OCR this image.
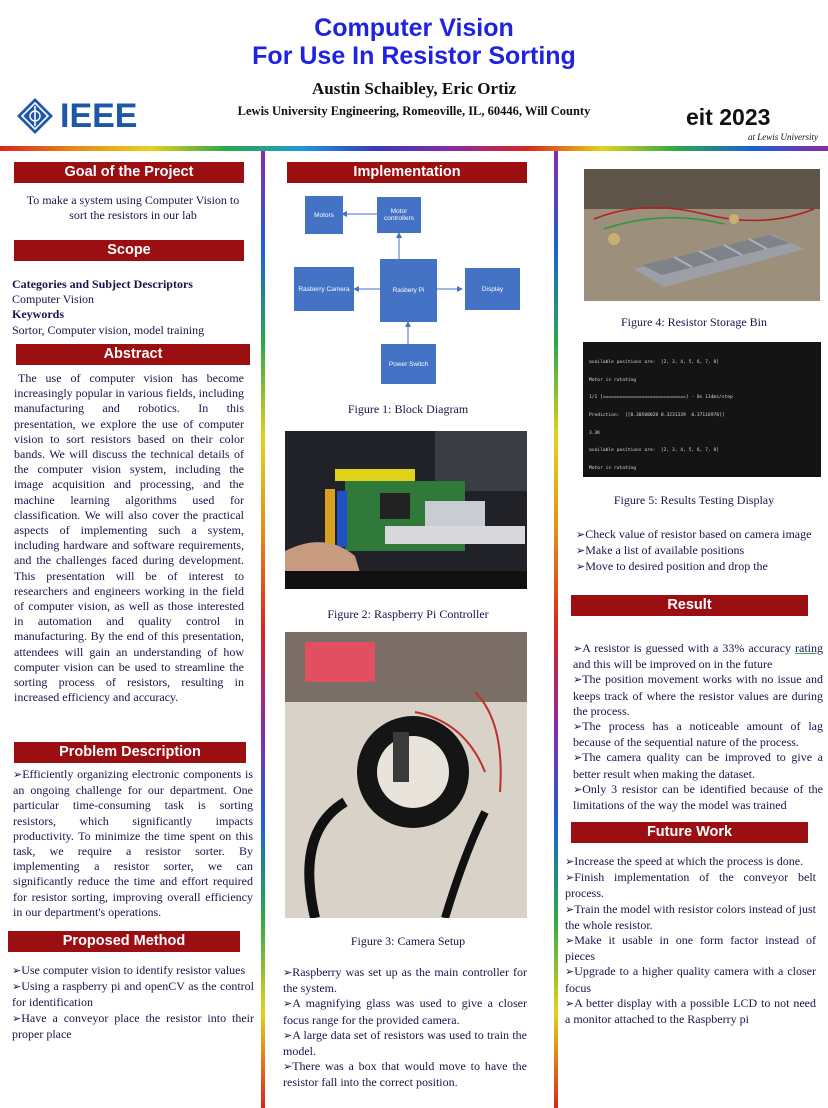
Computer Vision
For Use In Resistor Sorting
Austin Schaibley, Eric Ortiz
Lewis University Engineering, Romeoville, IL, 60446, Will County
IEEE	eit 2023
at Lewis University
Goal of the Project
To make a system using Computer Vision to
sort the resistors in our lab
Scope
Categories and Subject Descriptors
Computer Vision
Keywords
Sortor, Computer vision, model training
Abstract
The use of computer vision has become increasingly popular in various fields, including manufacturing and robotics. In this presentation, we explore the use of computer vision to sort resistors based on their color bands. We will discuss the technical details of the computer vision system, including the image acquisition and processing, and the machine learning algorithms used for classification. We will also cover the practical aspects of implementing such a system, including hardware and software requirements, and the challenges faced during development. This presentation will be of interest to researchers and engineers working in the field of computer vision, as well as those interested in automation and quality control in manufacturing. By the end of this presentation, attendees will gain an understanding of how computer vision can be used to streamline the sorting process of resistors, resulting in increased efficiency and accuracy.
Problem Description
➢Efficiently organizing electronic components is an ongoing challenge for our department. One particular time-consuming task is sorting resistors, which significantly impacts productivity. To minimize the time spent on this task, we require a resistor sorter. By implementing a resistor sorter, we can significantly reduce the time and effort required for resistor sorting, improving overall efficiency in our department's operations.
Proposed Method
➢Use computer vision to identify resistor values
➢Using a raspberry pi and openCV as the control for identification
➢Have a conveyor place the resistor into their proper place
Implementation
Motors	Motor controllers
Rasberry Camera	Rasbery Pi	Display
Power Switch
Figure 1: Block Diagram
Figure 2: Raspberry Pi Controller
Figure 3: Camera Setup
➢Raspberry was set up as the main controller for the system.
➢A magnifying glass was used to give a closer focus range for the provided camera.
➢A large data set of resistors was used to train the model.
➢There was a box that would move to have the resistor fall into the correct position.
Figure 4: Resistor Storage Bin

available positions are:  [2, 3, 4, 5, 6, 7, 8]

Motor is rotating

1/1 [==============================] - 0s 114ms/step

Prediction:  [[0.30508028 0.3231339  0.37116978]]

3.3K

available positions are:  [2, 3, 4, 5, 6, 7, 8]

Motor is rotating

Figure 5: Results Testing Display
➢Check value of resistor based on camera image
➢Make a list of available positions
➢Move to desired position and drop the
Result
➢A resistor is guessed with a 33% accuracy rating and this will be improved on in the future
➢The position movement works with no issue and keeps track of where the resistor values are during the process.
➢The process has a noticeable amount of lag because of the sequential nature of the process.
➢The camera quality can be improved to give a better result when making the dataset.
➢Only 3 resistor can be identified because of the limitations of the way the model was trained
Future Work
➢Increase the speed at which the process is done.
➢Finish implementation of the conveyor belt process.
➢Train the model with resistor colors instead of just the whole resistor.
➢Make it usable in one form factor instead of pieces
➢Upgrade to a higher quality camera with a closer focus
➢A better display with a possible LCD to not need a monitor attached to the Raspberry pi
